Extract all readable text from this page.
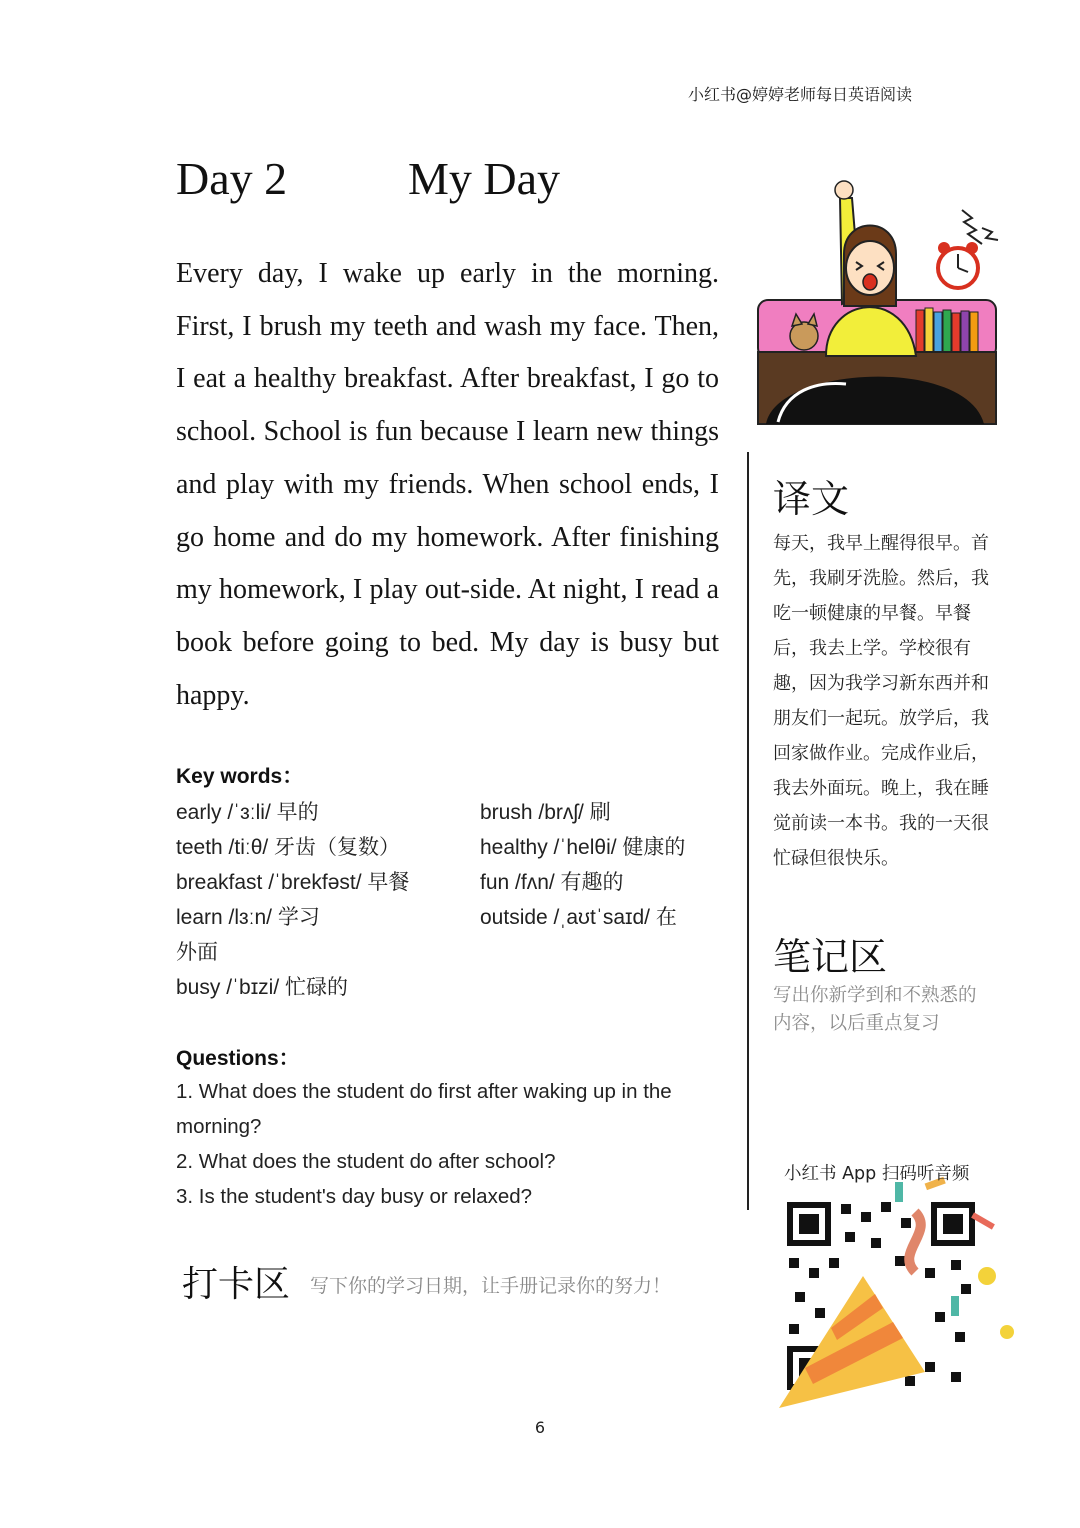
小红书@婷婷老师每日英语阅读
Day 2	My Day
Every day, I wake up early in the morning. First, I brush my teeth and wash my face. Then, I eat a healthy breakfast. After breakfast, I go to school. School is fun because I learn new things and play with my friends. When school ends, I go home and do my homework. After finishing my homework, I play out-side. At night, I read a book before going to bed. My day is busy but happy.
译文
每天，我早上醒得很早。首先，我刷牙洗脸。然后，我吃一顿健康的早餐。早餐后，我去上学。学校很有趣，因为我学习新东西并和朋友们一起玩。放学后，我回家做作业。完成作业后，我去外面玩。晚上，我在睡觉前读一本书。我的一天很忙碌但很快乐。
笔记区
写出你新学到和不熟悉的内容，以后重点复习
Key words：
early /ˈɜːli/ 早的	brush /brʌʃ/ 刷
teeth /tiːθ/ 牙齿（复数）	healthy /ˈhelθi/ 健康的
breakfast /ˈbrekfəst/ 早餐	fun /fʌn/ 有趣的
learn /lɜːn/ 学习	outside /ˌaʊtˈsaɪd/ 在
外面
busy /ˈbɪzi/ 忙碌的
Questions：

1. What does the student do first after waking up in the morning?

2. What does the student do after school?

3. Is the student's day busy or relaxed?

打卡区 写下你的学习日期，让手册记录你的努力！
小红书 App 扫码听音频
6
